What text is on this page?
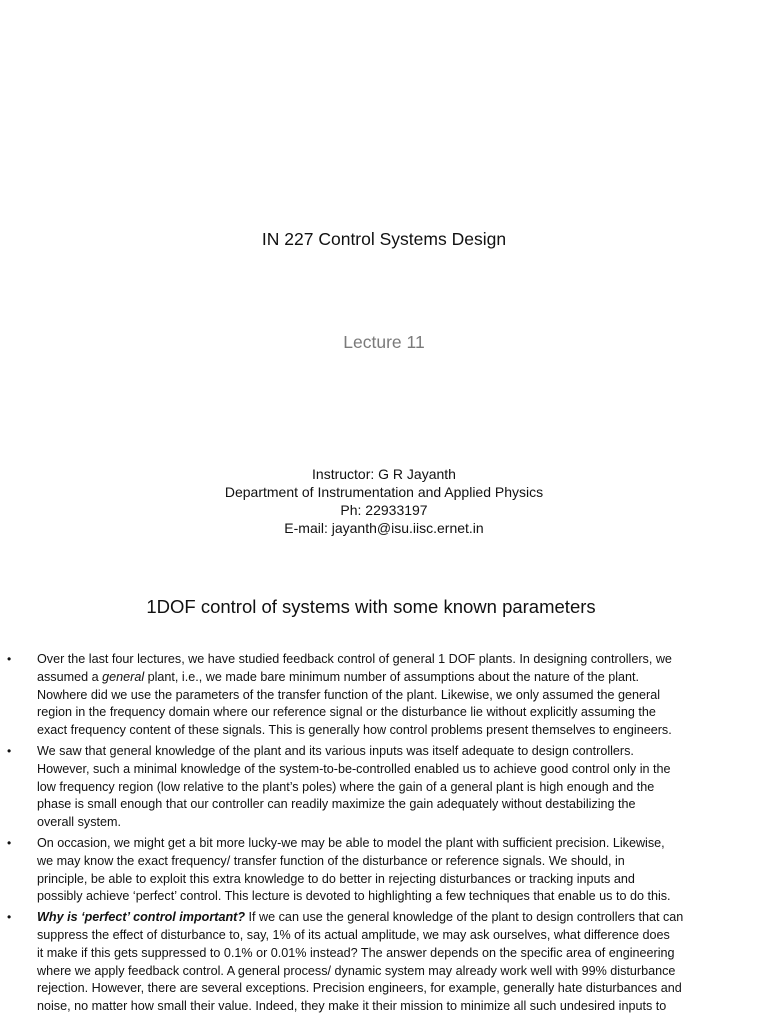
IN 227 Control Systems Design
Lecture 11
Instructor: G R Jayanth
Department of Instrumentation and Applied Physics
Ph: 22933197
E-mail: jayanth@isu.iisc.ernet.in
1DOF control of systems with some known parameters
• Over the last four lectures, we have studied feedback control of general 1 DOF plants. In designing controllers, we
assumed a general plant, i.e., we made bare minimum number of assumptions about the nature of the plant.
Nowhere did we use the parameters of the transfer function of the plant. Likewise, we only assumed the general
region in the frequency domain where our reference signal or the disturbance lie without explicitly assuming the
exact frequency content of these signals. This is generally how control problems present themselves to engineers.
• We saw that general knowledge of the plant and its various inputs was itself adequate to design controllers.
However, such a minimal knowledge of the system-to-be-controlled enabled us to achieve good control only in the
low frequency region (low relative to the plant’s poles) where the gain of a general plant is high enough and the
phase is small enough that our controller can readily maximize the gain adequately without destabilizing the
overall system.
• On occasion, we might get a bit more lucky-we may be able to model the plant with sufficient precision. Likewise,
we may know the exact frequency/ transfer function of the disturbance or reference signals. We should, in
principle, be able to exploit this extra knowledge to do better in rejecting disturbances or tracking inputs and
possibly achieve ‘perfect’ control. This lecture is devoted to highlighting a few techniques that enable us to do this.
• Why is ‘perfect’ control important? If we can use the general knowledge of the plant to design controllers that can
suppress the effect of disturbance to, say, 1% of its actual amplitude, we may ask ourselves, what difference does
it make if this gets suppressed to 0.1% or 0.01% instead? The answer depends on the specific area of engineering
where we apply feedback control. A general process/ dynamic system may already work well with 99% disturbance
rejection. However, there are several exceptions. Precision engineers, for example, generally hate disturbances and
noise, no matter how small their value. Indeed, they make it their mission to minimize all such undesired inputs to
